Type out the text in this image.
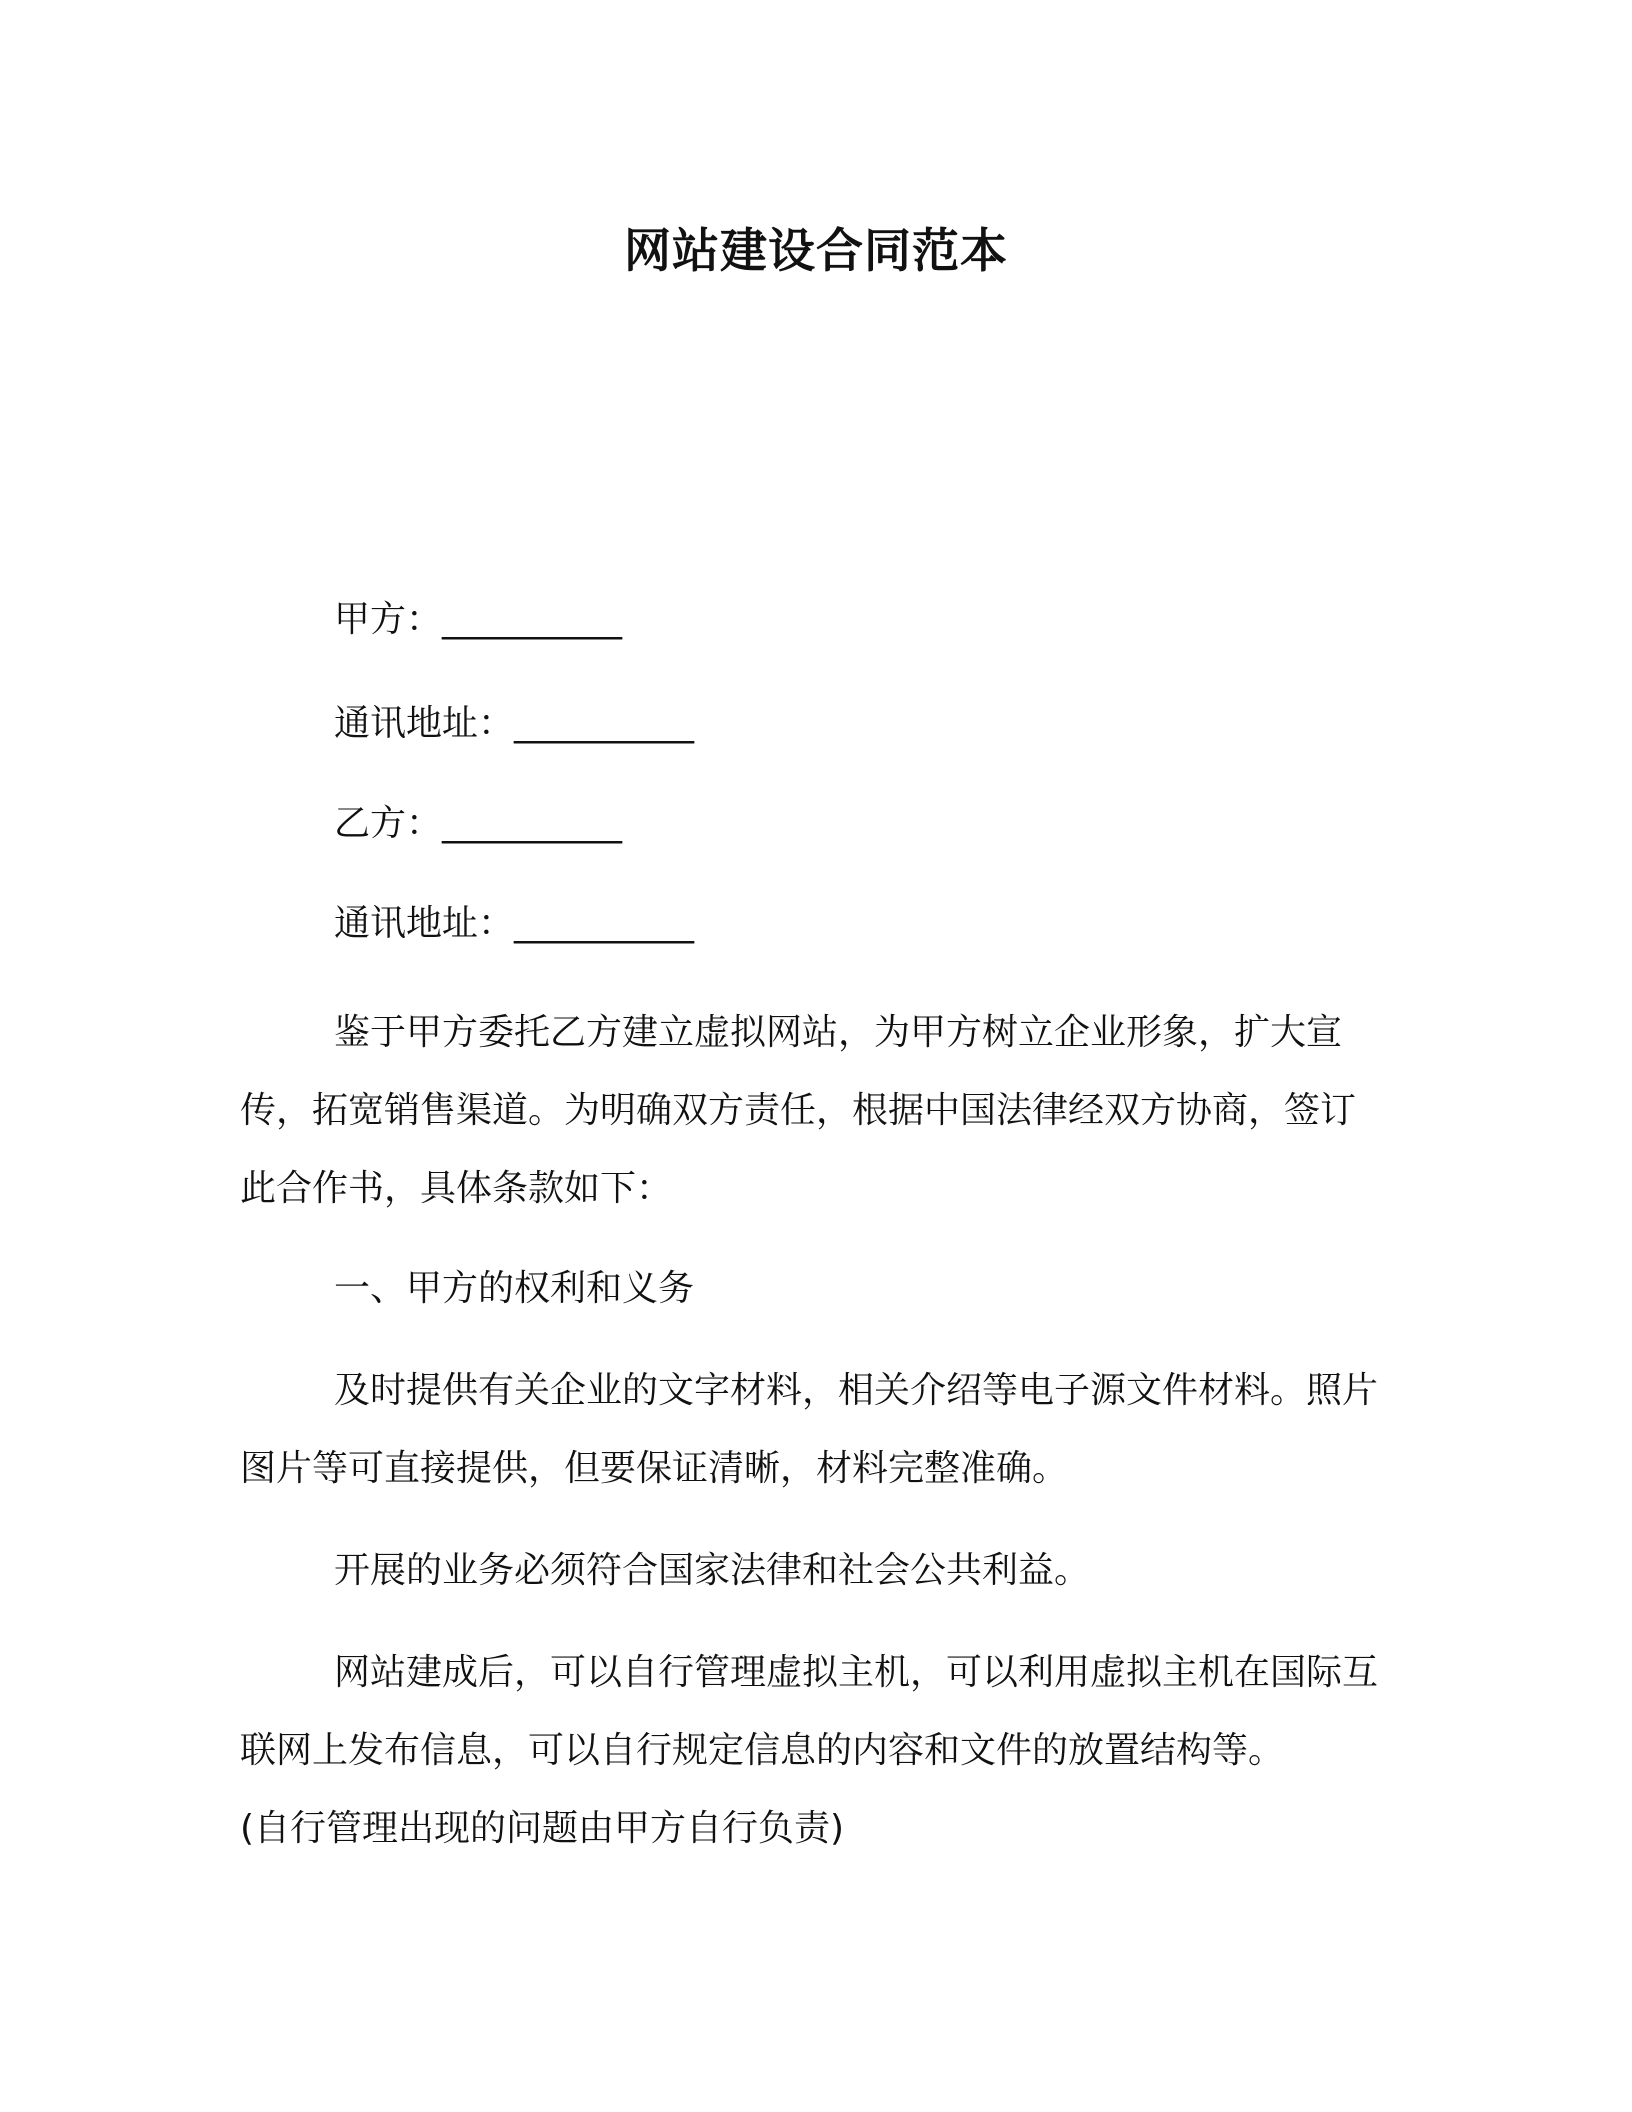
网站建设合同范本
甲方：__________
通讯地址：__________
乙方：__________
通讯地址：__________
鉴于甲方委托乙方建立虚拟网站，为甲方树立企业形象，扩大宣传，拓宽销售渠道。为明确双方责任，根据中国法律经双方协商，签订此合作书，具体条款如下：
一、甲方的权利和义务
及时提供有关企业的文字材料，相关介绍等电子源文件材料。照片图片等可直接提供，但要保证清晰，材料完整准确。
开展的业务必须符合国家法律和社会公共利益。
网站建成后，可以自行管理虚拟主机，可以利用虚拟主机在国际互联网上发布信息，可以自行规定信息的内容和文件的放置结构等。
(自行管理出现的问题由甲方自行负责)
